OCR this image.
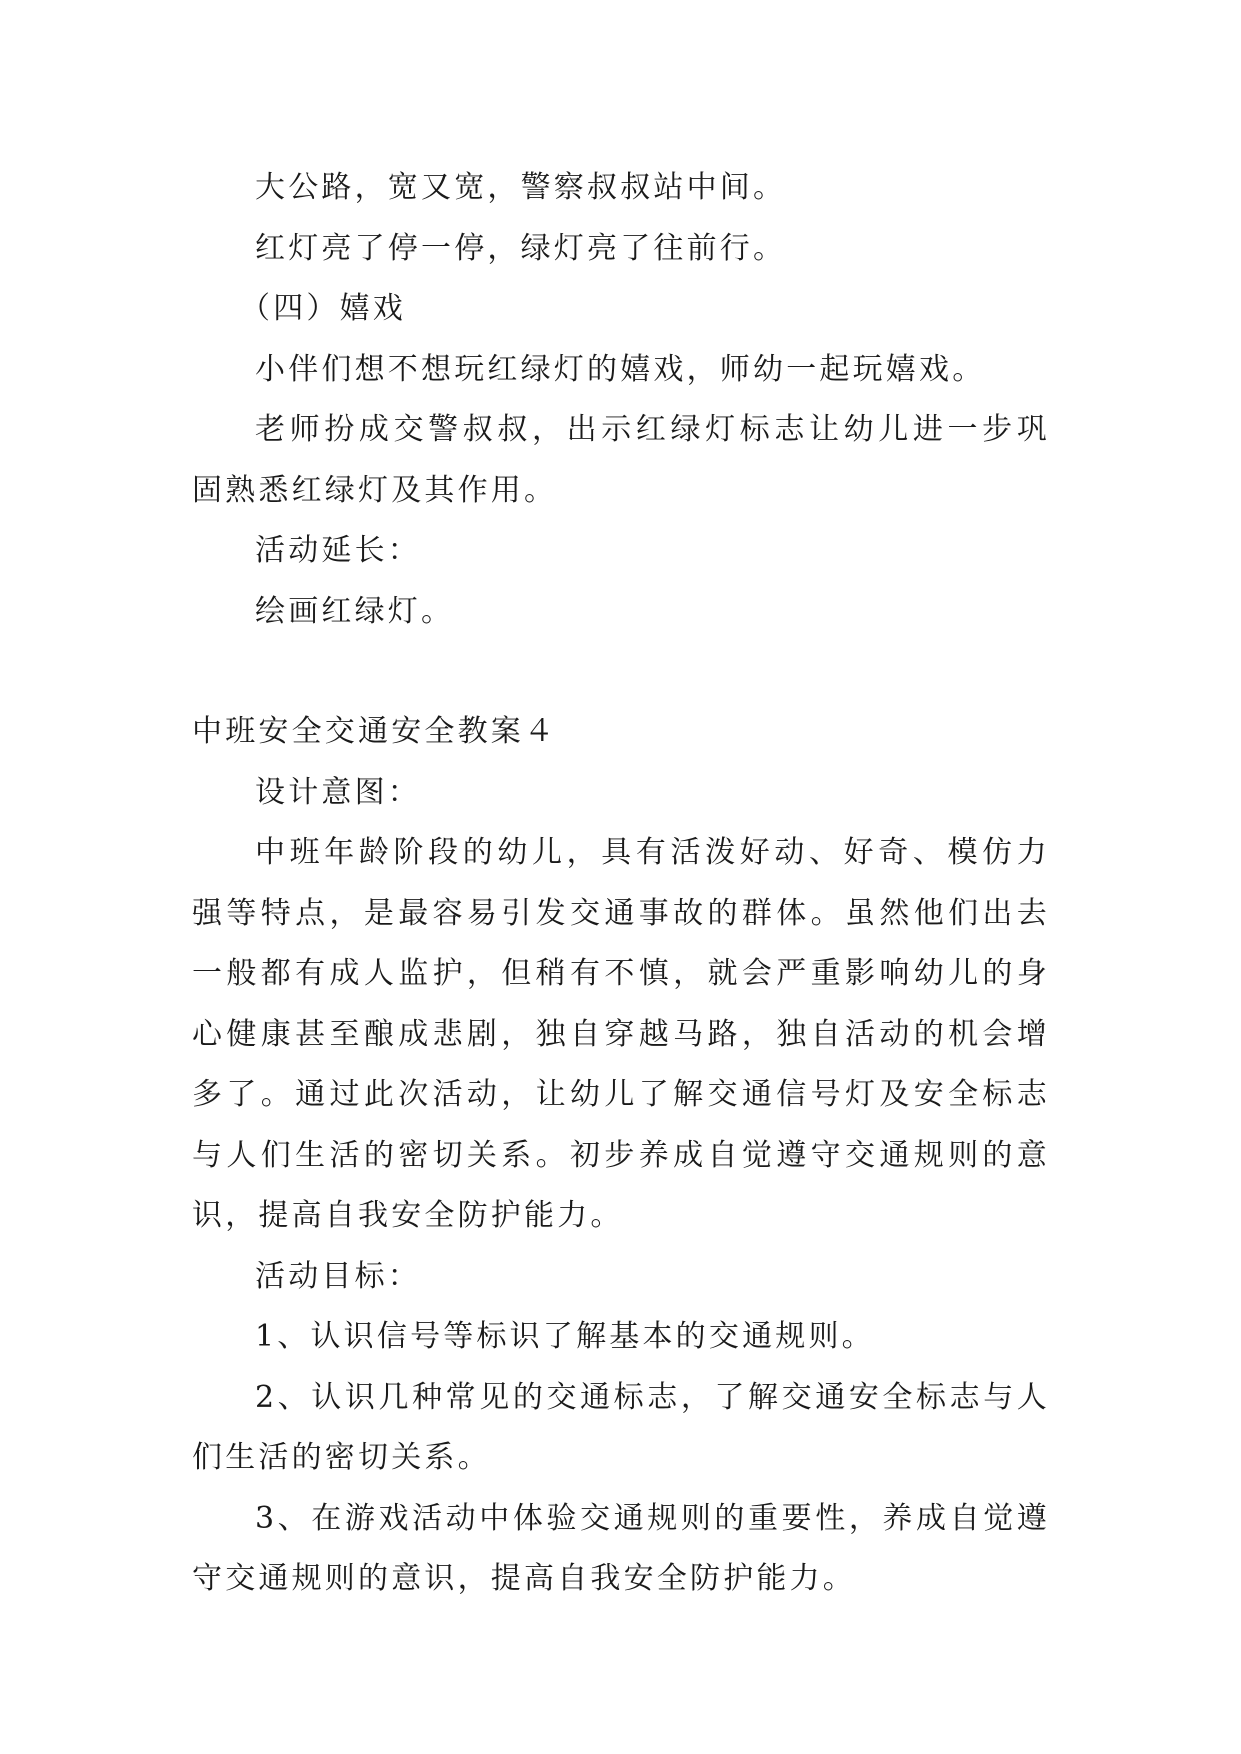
大公路，宽又宽，警察叔叔站中间。

红灯亮了停一停，绿灯亮了往前行。

（四）嬉戏

小伴们想不想玩红绿灯的嬉戏，师幼一起玩嬉戏。

老师扮成交警叔叔，出示红绿灯标志让幼儿进一步巩固熟悉红绿灯及其作用。

活动延长：

绘画红绿灯。

中班安全交通安全教案４

设计意图：

中班年龄阶段的幼儿，具有活泼好动、好奇、模仿力强等特点，是最容易引发交通事故的群体。虽然他们出去一般都有成人监护，但稍有不慎，就会严重影响幼儿的身心健康甚至酿成悲剧，独自穿越马路，独自活动的机会增多了。通过此次活动，让幼儿了解交通信号灯及安全标志与人们生活的密切关系。初步养成自觉遵守交通规则的意识，提高自我安全防护能力。

活动目标：

1、认识信号等标识了解基本的交通规则。

2、认识几种常见的交通标志，了解交通安全标志与人们生活的密切关系。

3、在游戏活动中体验交通规则的重要性，养成自觉遵守交通规则的意识，提高自我安全防护能力。
